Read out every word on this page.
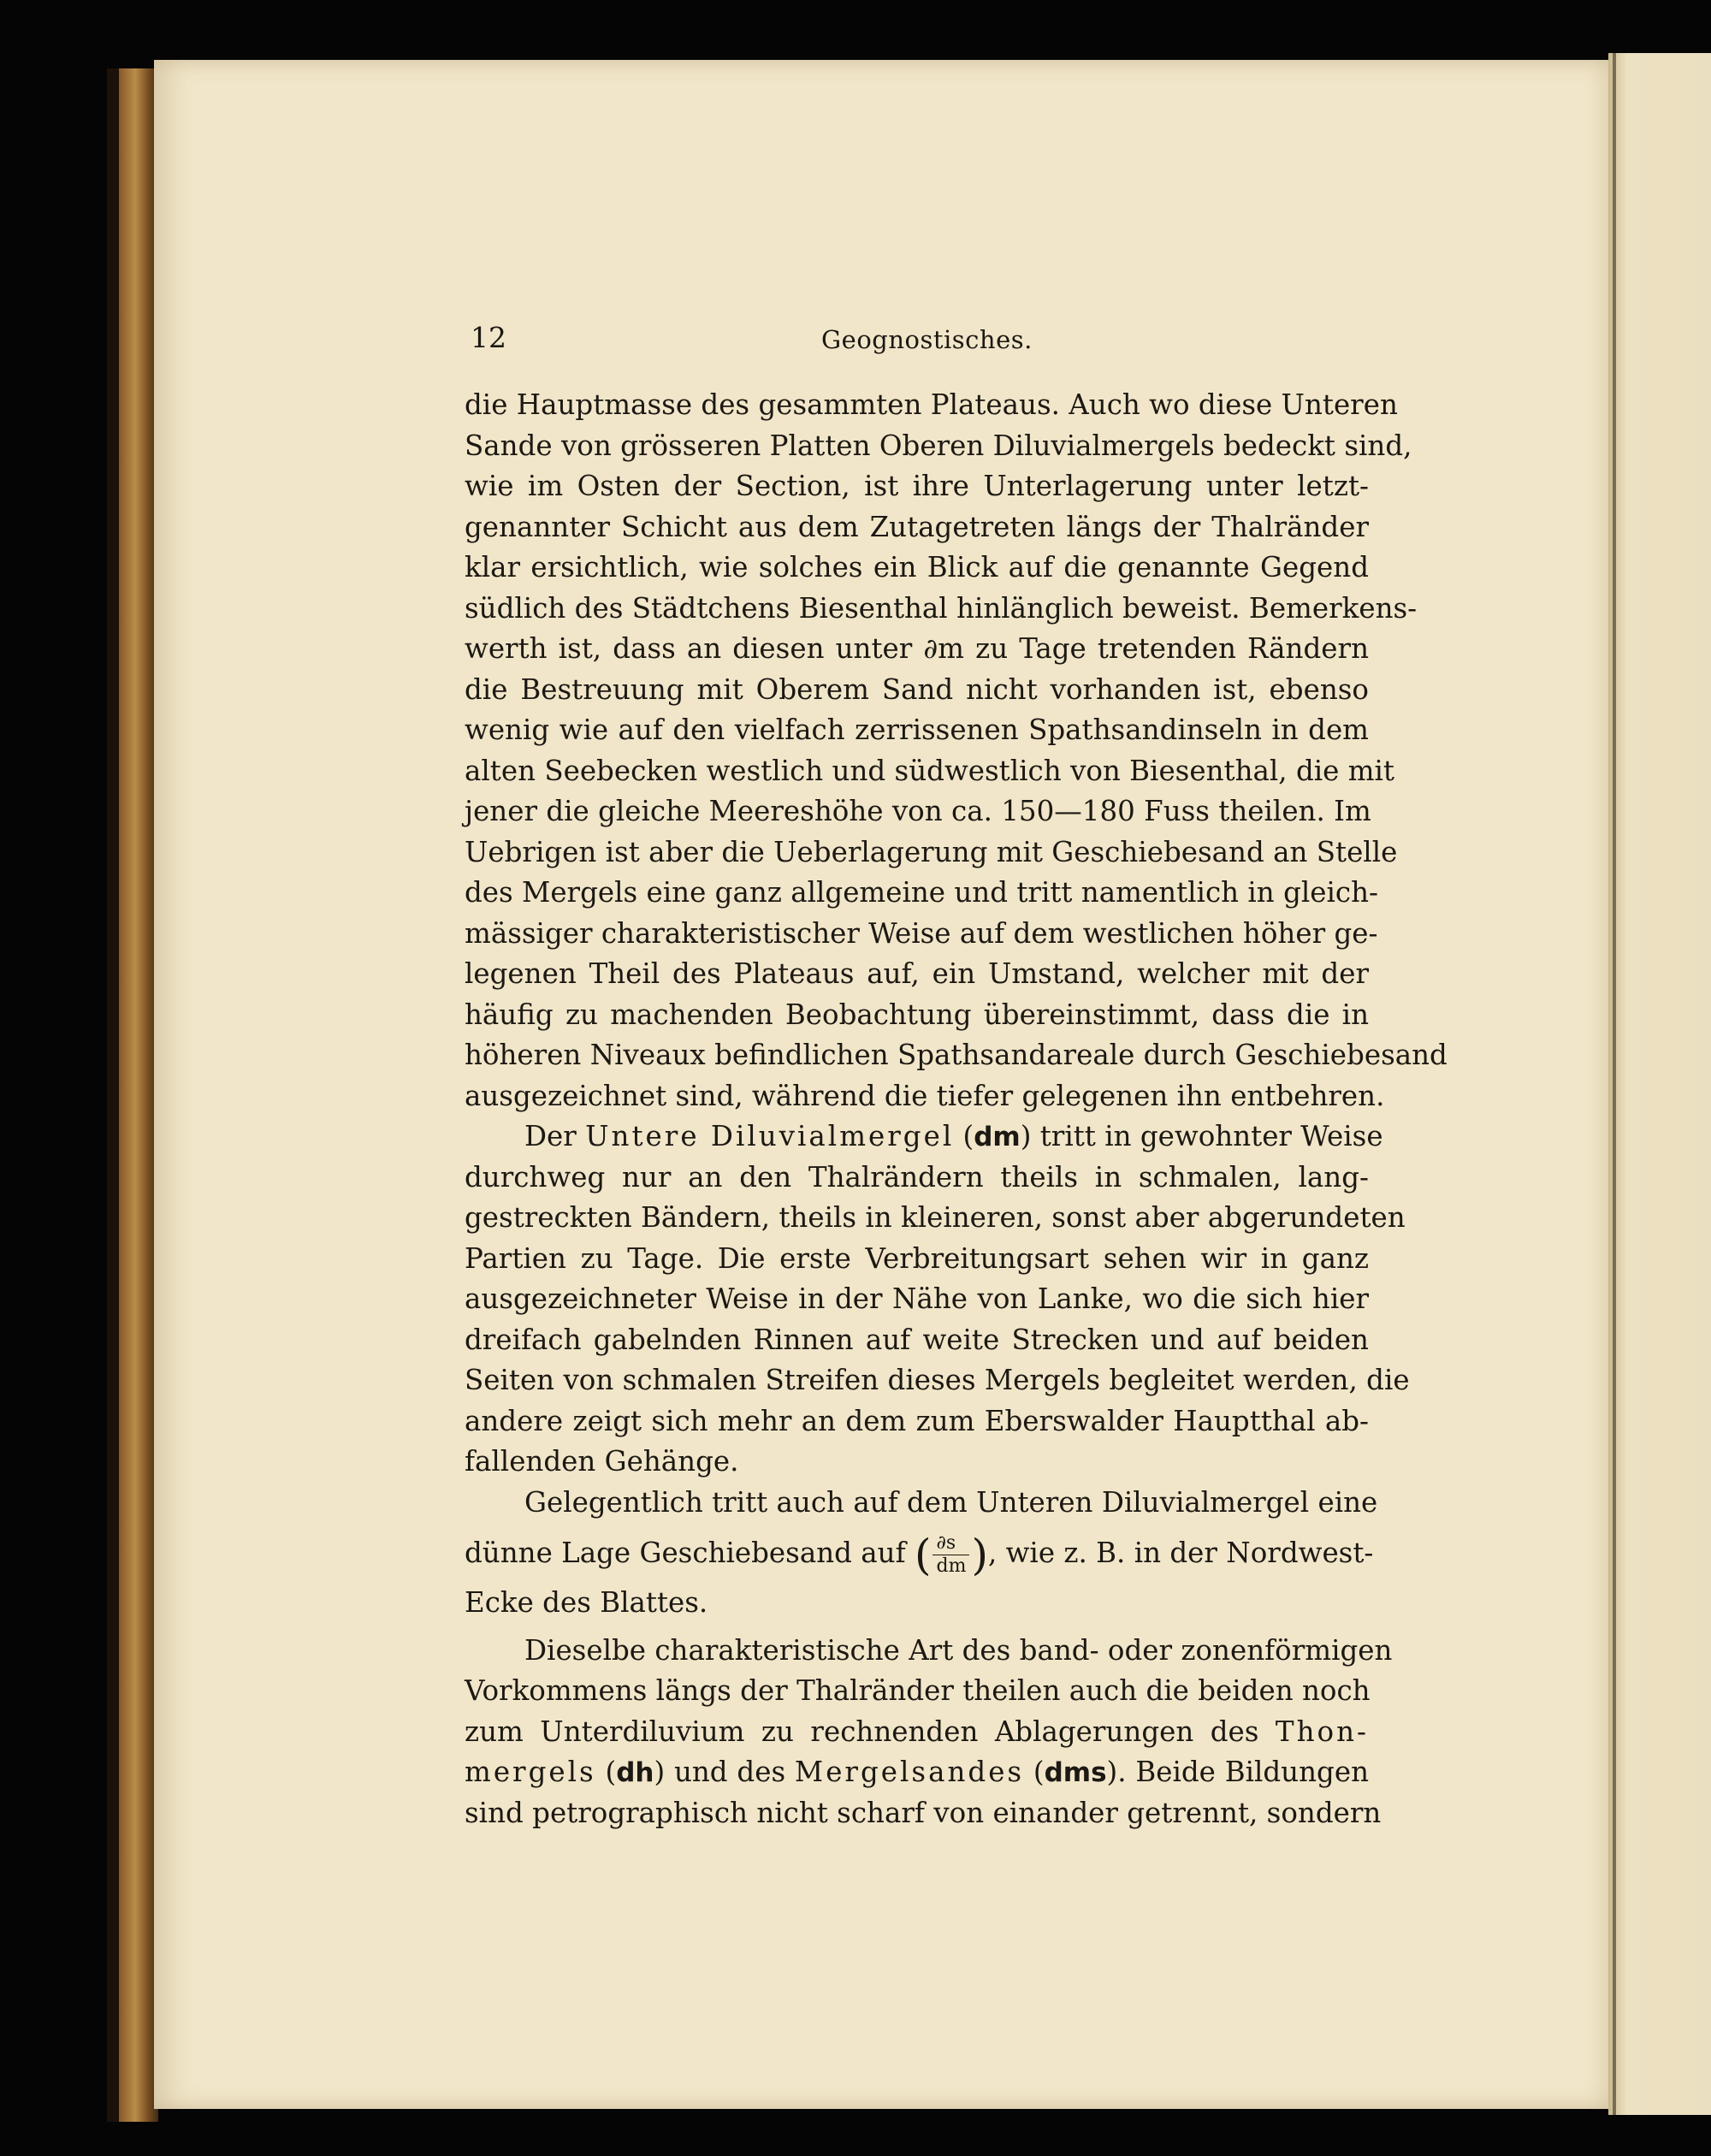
12	Geognostisches.
die Hauptmasse des gesammten Plateaus. Auch wo diese Unteren
Sande von grösseren Platten Oberen Diluvialmergels bedeckt sind,
wie im Osten der Section, ist ihre Unterlagerung unter letzt-
genannter Schicht aus dem Zutagetreten längs der Thalränder
klar ersichtlich, wie solches ein Blick auf die genannte Gegend
südlich des Städtchens Biesenthal hinlänglich beweist. Bemerkens-
werth ist, dass an diesen unter ∂m zu Tage tretenden Rändern
die Bestreuung mit Oberem Sand nicht vorhanden ist, ebenso
wenig wie auf den vielfach zerrissenen Spathsandinseln in dem
alten Seebecken westlich und südwestlich von Biesenthal, die mit
jener die gleiche Meereshöhe von ca. 150—180 Fuss theilen. Im
Uebrigen ist aber die Ueberlagerung mit Geschiebesand an Stelle
des Mergels eine ganz allgemeine und tritt namentlich in gleich-
mässiger charakteristischer Weise auf dem westlichen höher ge-
legenen Theil des Plateaus auf, ein Umstand, welcher mit der
häufig zu machenden Beobachtung übereinstimmt, dass die in
höheren Niveaux befindlichen Spathsandareale durch Geschiebesand
ausgezeichnet sind, während die tiefer gelegenen ihn entbehren.
Der Untere Diluvialmergel (dm) tritt in gewohnter Weise
durchweg nur an den Thalrändern theils in schmalen, lang-
gestreckten Bändern, theils in kleineren, sonst aber abgerundeten
Partien zu Tage. Die erste Verbreitungsart sehen wir in ganz
ausgezeichneter Weise in der Nähe von Lanke, wo die sich hier
dreifach gabelnden Rinnen auf weite Strecken und auf beiden
Seiten von schmalen Streifen dieses Mergels begleitet werden, die
andere zeigt sich mehr an dem zum Eberswalder Hauptthal ab-
fallenden Gehänge.
Gelegentlich tritt auch auf dem Unteren Diluvialmergel eine
dünne Lage Geschiebesand auf ( $\frac{\partial s}{dm}$ ), wie z. B. in der Nordwest-
Ecke des Blattes.
Dieselbe charakteristische Art des band- oder zonenförmigen
Vorkommens längs der Thalränder theilen auch die beiden noch
zum Unterdiluvium zu rechnenden Ablagerungen des Thon-
mergels (dh) und des Mergelsandes (dms). Beide Bildungen
sind petrographisch nicht scharf von einander getrennt, sondern
